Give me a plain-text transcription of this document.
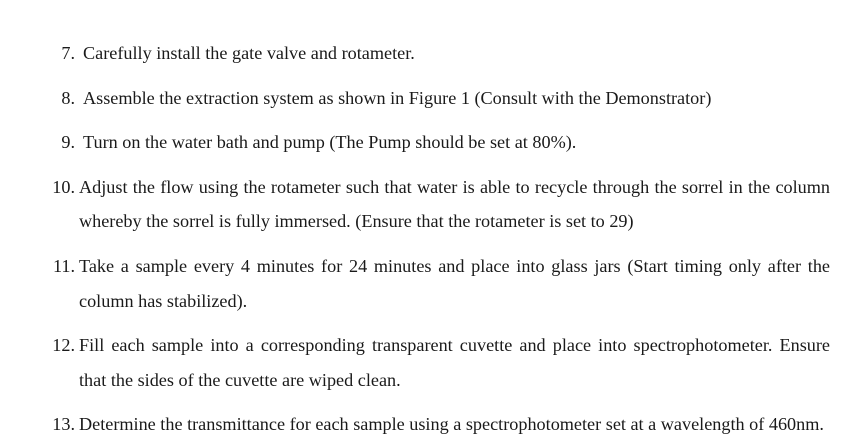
7. Carefully install the gate valve and rotameter.
8. Assemble the extraction system as shown in Figure 1 (Consult with the Demonstrator)
9. Turn on the water bath and pump (The Pump should be set at 80%).
10. Adjust the flow using the rotameter such that water is able to recycle through the sorrel in the column whereby the sorrel is fully immersed. (Ensure that the rotameter is set to 29)
11. Take a sample every 4 minutes for 24 minutes and place into glass jars (Start timing only after the column has stabilized).
12. Fill each sample into a corresponding transparent cuvette and place into spectrophotometer. Ensure that the sides of the cuvette are wiped clean.
13. Determine the transmittance for each sample using a spectrophotometer set at a wavelength of 460nm.
